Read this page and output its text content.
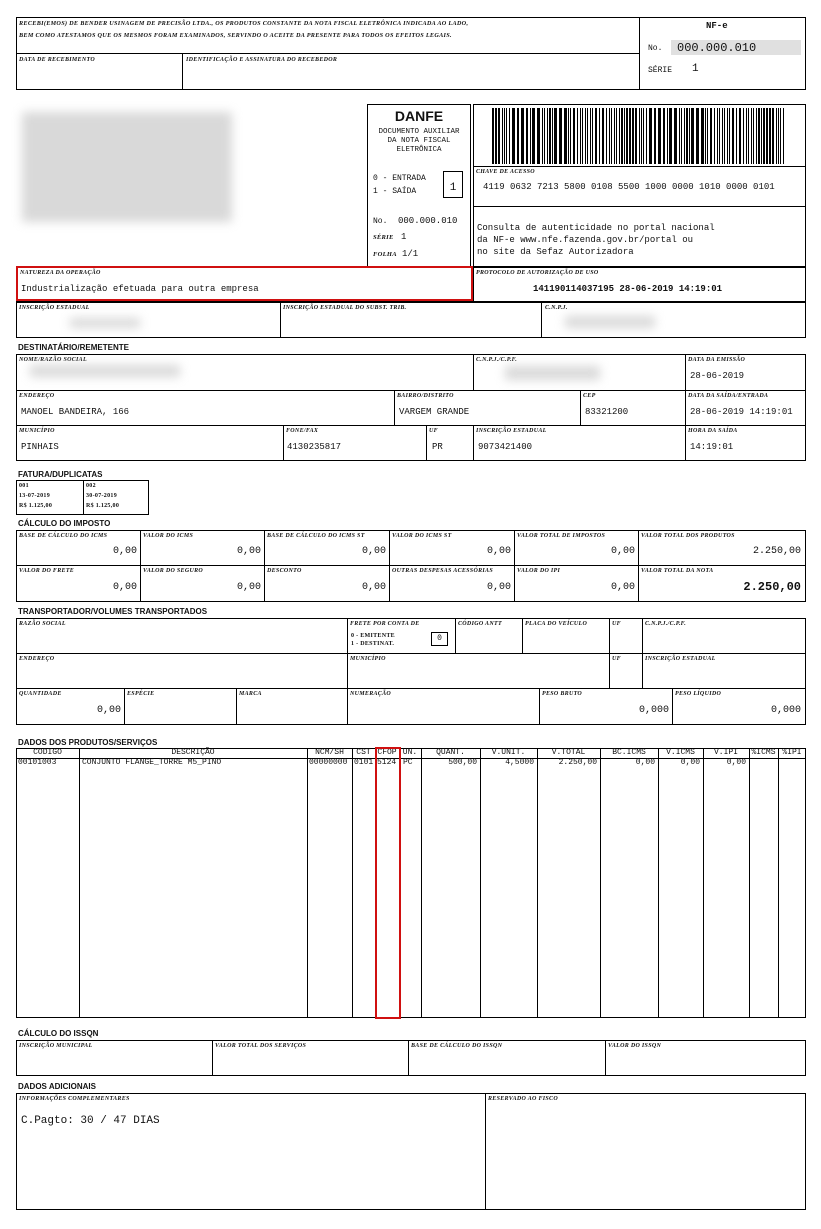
RECEBI(EMOS) DE BENDER USINAGEM DE PRECISÃO LTDA., OS PRODUTOS CONSTANTE DA NOTA FISCAL ELETRÔNICA INDICADA AO LADO,
BEM COMO ATESTAMOS QUE OS MESMOS FORAM EXAMINADOS, SERVINDO O ACEITE DA PRESENTE PARA TODOS OS EFEITOS LEGAIS.
DATA DE RECEBIMENTO	IDENTIFICAÇÃO E ASSINATURA DO RECEBEDOR
NF-e
No. 000.000.010
SÉRIE 1
DANFE
DOCUMENTO AUXILIAR
DA NOTA FISCAL
ELETRÔNICA
0 - ENTRADA
1 - SAÍDA	1
No. 000.000.010
SÉRIE 1
FOLHA 1/1
CHAVE DE ACESSO
4119 0632 7213 5800 0108 5500 1000 0000 1010 0000 0101
Consulta de autenticidade no portal nacional
da NF-e www.nfe.fazenda.gov.br/portal ou
no site da Sefaz Autorizadora
NATUREZA DA OPERAÇÃO
Industrialização efetuada para outra empresa
PROTOCOLO DE AUTORIZAÇÃO DE USO
141190114037195 28-06-2019 14:19:01
INSCRIÇÃO ESTADUAL	INSCRIÇÃO ESTADUAL DO SUBST. TRIB.	C.N.P.J.
DESTINATÁRIO/REMETENTE
NOME/RAZÃO SOCIAL	C.N.P.J./C.P.F.	DATA DA EMISSÃO
28-06-2019
ENDEREÇO
MANOEL BANDEIRA, 166
BAIRRO/DISTRITO
VARGEM GRANDE
CEP
83321200
DATA DA SAÍDA/ENTRADA
28-06-2019 14:19:01
MUNICÍPIO
PINHAIS
FONE/FAX
4130235817
UF
PR
INSCRIÇÃO ESTADUAL
9073421400
HORA DA SAÍDA
14:19:01
FATURA/DUPLICATAS
001
13-07-2019
R$ 1.125,00
002
30-07-2019
R$ 1.125,00
CÁLCULO DO IMPOSTO
BASE DE CÁLCULO DO ICMS
0,00
VALOR DO ICMS
0,00
BASE DE CÁLCULO DO ICMS ST
0,00
VALOR DO ICMS ST
0,00
VALOR TOTAL DE IMPOSTOS
0,00
VALOR TOTAL DOS PRODUTOS
2.250,00
VALOR DO FRETE
0,00
VALOR DO SEGURO
0,00
DESCONTO
0,00
OUTRAS DESPESAS ACESSÓRIAS
0,00
VALOR DO IPI
0,00
VALOR TOTAL DA NOTA
2.250,00
TRANSPORTADOR/VOLUMES TRANSPORTADOS
RAZÃO SOCIAL	FRETE POR CONTA DE
0 - EMITENTE
1 - DESTINAT.
0
CÓDIGO ANTT	PLACA DO VEÍCULO	UF	C.N.P.J./C.P.F.
ENDEREÇO	MUNICÍPIO	UF	INSCRIÇÃO ESTADUAL
QUANTIDADE
0,00
ESPÉCIE	MARCA	NUMERAÇÃO	PESO BRUTO
0,000
PESO LÍQUIDO
0,000
DADOS DOS PRODUTOS/SERVIÇOS
CODIGO	DESCRIÇÃO	NCM/SH	CST CFOP UN.	QUANT.	V.UNIT.	V.TOTAL	BC.ICMS	V.ICMS	V.IPI	%ICMS %IPI
00101003	CONJUNTO FLANGE_TORRE M5_PINO	00000000 0101 5124 PC	500,00	4,5000	2.250,00	0,00	0,00	0,00
CÁLCULO DO ISSQN
INSCRIÇÃO MUNICIPAL	VALOR TOTAL DOS SERVIÇOS	BASE DE CÁLCULO DO ISSQN	VALOR DO ISSQN
DADOS ADICIONAIS
INFORMAÇÕES COMPLEMENTARES
C.Pagto: 30 / 47 DIAS
RESERVADO AO FISCO
